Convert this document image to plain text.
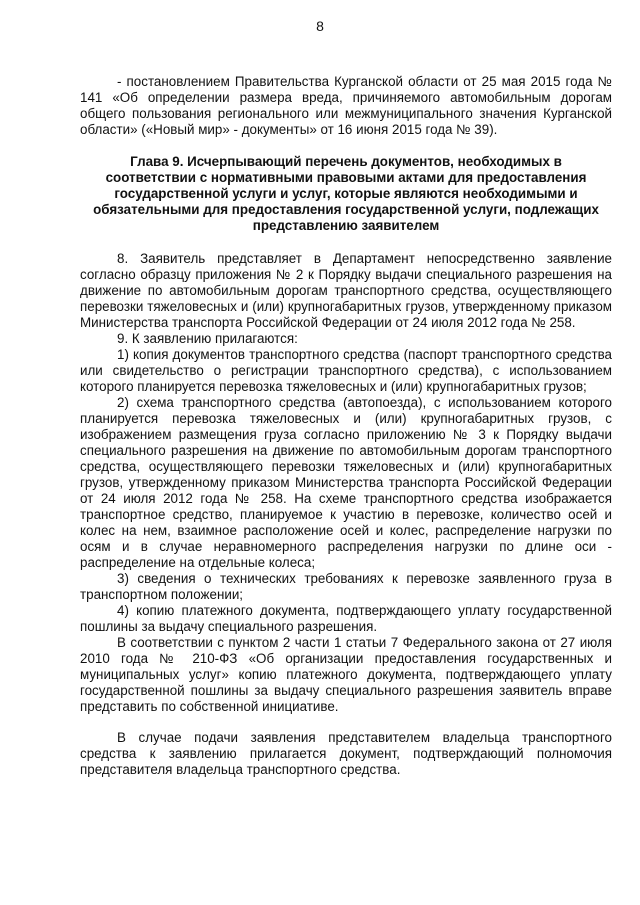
8

- постановлением Правительства Курганской области от 25 мая 2015 года № 141 «Об определении размера вреда, причиняемого автомобильным дорогам общего пользования регионального или межмуниципального значения Курганской области» («Новый мир» - документы» от 16 июня 2015 года № 39).

Глава 9. Исчерпывающий перечень документов, необходимых в соответствии с нормативными правовыми актами для предоставления государственной услуги и услуг, которые являются необходимыми и обязательными для предоставления государственной услуги, подлежащих представлению заявителем

8. Заявитель представляет в Департамент непосредственно заявление согласно образцу приложения № 2 к Порядку выдачи специального разрешения на движение по автомобильным дорогам транспортного средства, осуществляющего перевозки тяжеловесных и (или) крупногабаритных грузов, утвержденному приказом Министерства транспорта Российской Федерации от 24 июля 2012 года № 258.

9. К заявлению прилагаются:

1) копия документов транспортного средства (паспорт транспортного средства или свидетельство о регистрации транспортного средства), с использованием которого планируется перевозка тяжеловесных и (или) крупногабаритных грузов;

2) схема транспортного средства (автопоезда), с использованием которого планируется перевозка тяжеловесных и (или) крупногабаритных грузов, с изображением размещения груза согласно приложению № 3 к Порядку выдачи специального разрешения на движение по автомобильным дорогам транспортного средства, осуществляющего перевозки тяжеловесных и (или) крупногабаритных грузов, утвержденному приказом Министерства транспорта Российской Федерации от 24 июля 2012 года № 258. На схеме транспортного средства изображается транспортное средство, планируемое к участию в перевозке, количество осей и колес на нем, взаимное расположение осей и колес, распределение нагрузки по осям и в случае неравномерного распределения нагрузки по длине оси - распределение на отдельные колеса;

3) сведения о технических требованиях к перевозке заявленного груза в транспортном положении;

4) копию платежного документа, подтверждающего уплату государственной пошлины за выдачу специального разрешения.

В соответствии с пунктом 2 части 1 статьи 7 Федерального закона от 27 июля 2010 года № 210-ФЗ «Об организации предоставления государственных и муниципальных услуг» копию платежного документа, подтверждающего уплату государственной пошлины за выдачу специального разрешения заявитель вправе представить по собственной инициативе.

В случае подачи заявления представителем владельца транспортного средства к заявлению прилагается документ, подтверждающий полномочия представителя владельца транспортного средства.
